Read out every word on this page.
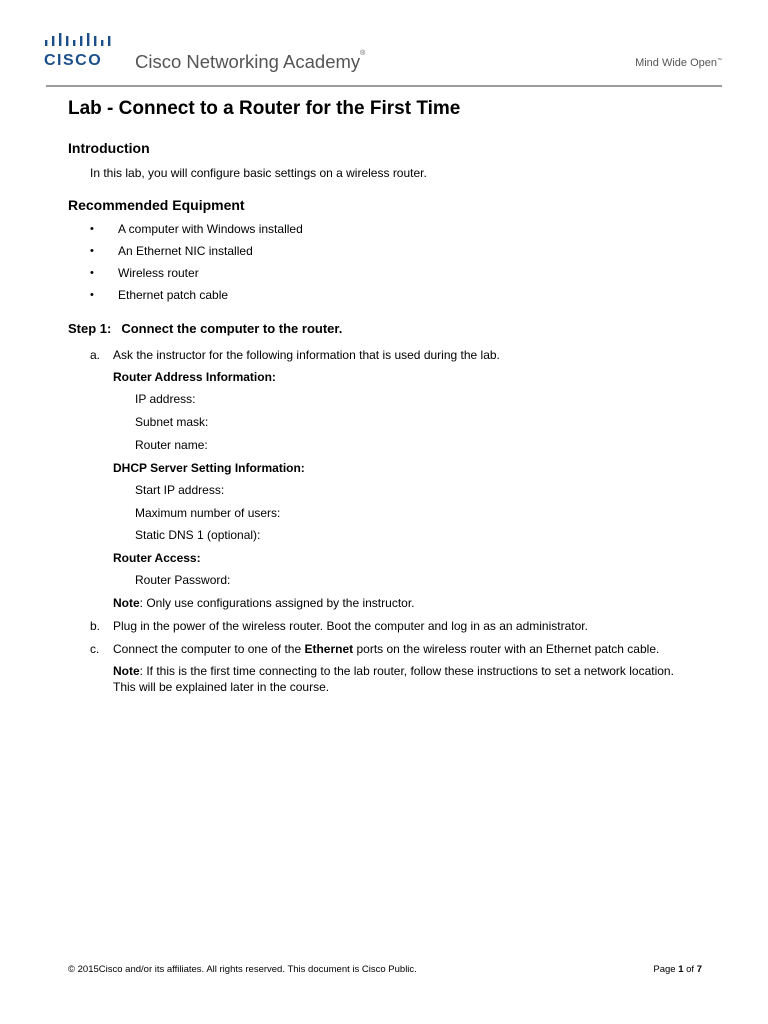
CISCO Cisco Networking Academy®
Mind Wide Open™
Lab - Connect to a Router for the First Time
Introduction
In this lab, you will configure basic settings on a wireless router.
Recommended Equipment
• A computer with Windows installed
• An Ethernet NIC installed
• Wireless router
• Ethernet patch cable
Step 1: Connect the computer to the router.
a. Ask the instructor for the following information that is used during the lab.
Router Address Information:
IP address:
Subnet mask:
Router name:
DHCP Server Setting Information:
Start IP address:
Maximum number of users:
Static DNS 1 (optional):
Router Access:
Router Password:
Note: Only use configurations assigned by the instructor.
b. Plug in the power of the wireless router. Boot the computer and log in as an administrator.
c. Connect the computer to one of the Ethernet ports on the wireless router with an Ethernet patch cable.
Note: If this is the first time connecting to the lab router, follow these instructions to set a network location.
This will be explained later in the course.
© 2015Cisco and/or its affiliates. All rights reserved. This document is Cisco Public.	Page 1 of 7
